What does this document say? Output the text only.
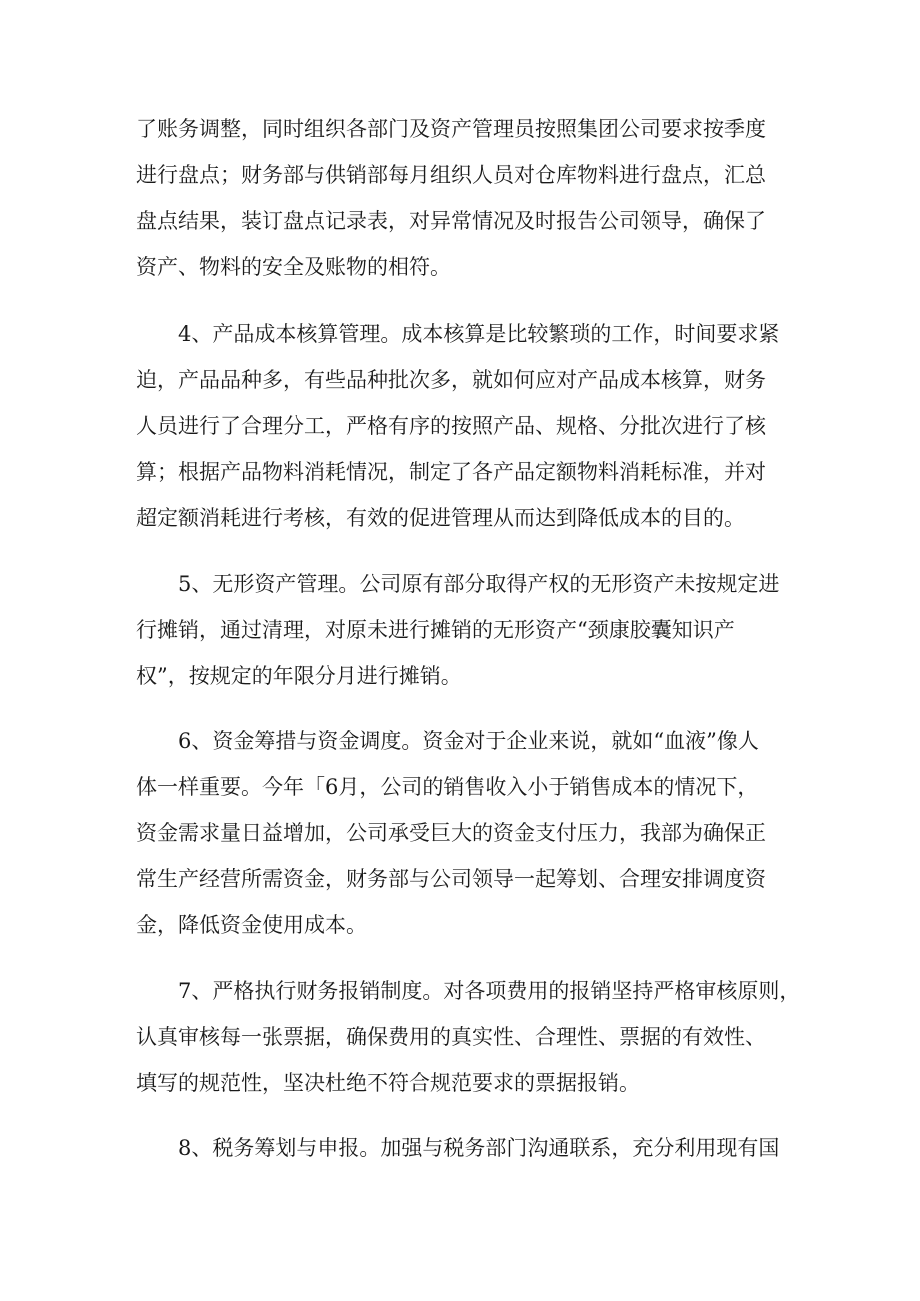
了账务调整，同时组织各部门及资产管理员按照集团公司要求按季度
进行盘点；财务部与供销部每月组织人员对仓库物料进行盘点，汇总
盘点结果，装订盘点记录表，对异常情况及时报告公司领导，确保了
资产、物料的安全及账物的相符。
4、产品成本核算管理。成本核算是比较繁琐的工作，时间要求紧
迫，产品品种多，有些品种批次多，就如何应对产品成本核算，财务
人员进行了合理分工，严格有序的按照产品、规格、分批次进行了核
算；根据产品物料消耗情况，制定了各产品定额物料消耗标准，并对
超定额消耗进行考核，有效的促进管理从而达到降低成本的目的。
5、无形资产管理。公司原有部分取得产权的无形资产未按规定进
行摊销，通过清理，对原未进行摊销的无形资产“颈康胶囊知识产
权”，按规定的年限分月进行摊销。
6、资金筹措与资金调度。资金对于企业来说，就如“血液”像人
体一样重要。今年「6月，公司的销售收入小于销售成本的情况下，
资金需求量日益增加，公司承受巨大的资金支付压力，我部为确保正
常生产经营所需资金，财务部与公司领导一起筹划、合理安排调度资
金，降低资金使用成本。
7、严格执行财务报销制度。对各项费用的报销坚持严格审核原则，
认真审核每一张票据，确保费用的真实性、合理性、票据的有效性、
填写的规范性，坚决杜绝不符合规范要求的票据报销。
8、税务筹划与申报。加强与税务部门沟通联系，充分利用现有国
